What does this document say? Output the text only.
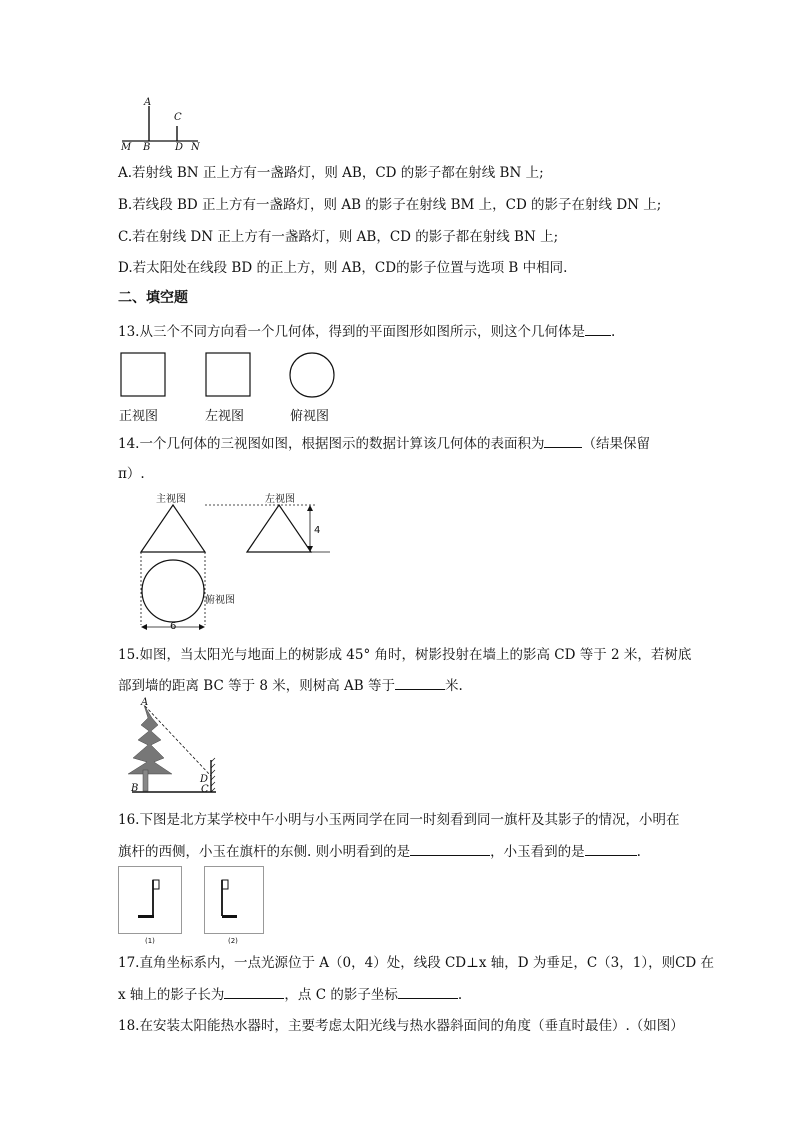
A
C
M B D N
A.若射线 BN 正上方有一盏路灯，则 AB，CD 的影子都在射线 BN 上;
B.若线段 BD 正上方有一盏路灯，则 AB 的影子在射线 BM 上，CD 的影子在射线 DN 上;
C.若在射线 DN 正上方有一盏路灯，则 AB，CD 的影子都在射线 BN 上;
D.若太阳处在线段 BD 的正上方，则 AB，CD的影子位置与选项 B 中相同.
二、填空题
13.从三个不同方向看一个几何体，得到的平面图形如图所示，则这个几何体是 .
正视图	左视图	俯视图
14.一个几何体的三视图如图，根据图示的数据计算该几何体的表面积为	（结果保留
π）.
主视图	左视图
俯视图
4
6
15.如图，当太阳光与地面上的树影成 45° 角时，树影投射在墙上的影高 CD 等于 2 米，若树底
部到墙的距离 BC 等于 8 米，则树高 AB 等于	米.
A
B
D
C
16.下图是北方某学校中午小明与小玉两同学在同一时刻看到同一旗杆及其影子的情况，小明在
旗杆的西侧，小玉在旗杆的东侧. 则小明看到的是	，小玉看到的是	.
(1)	(2)
17.直角坐标系内，一点光源位于 A（0，4）处，线段 CD⊥x 轴，D 为垂足，C（3，1），则CD 在
x 轴上的影子长为	，点 C 的影子坐标	.
18.在安装太阳能热水器时，主要考虑太阳光线与热水器斜面间的角度（垂直时最佳）.（如图）
